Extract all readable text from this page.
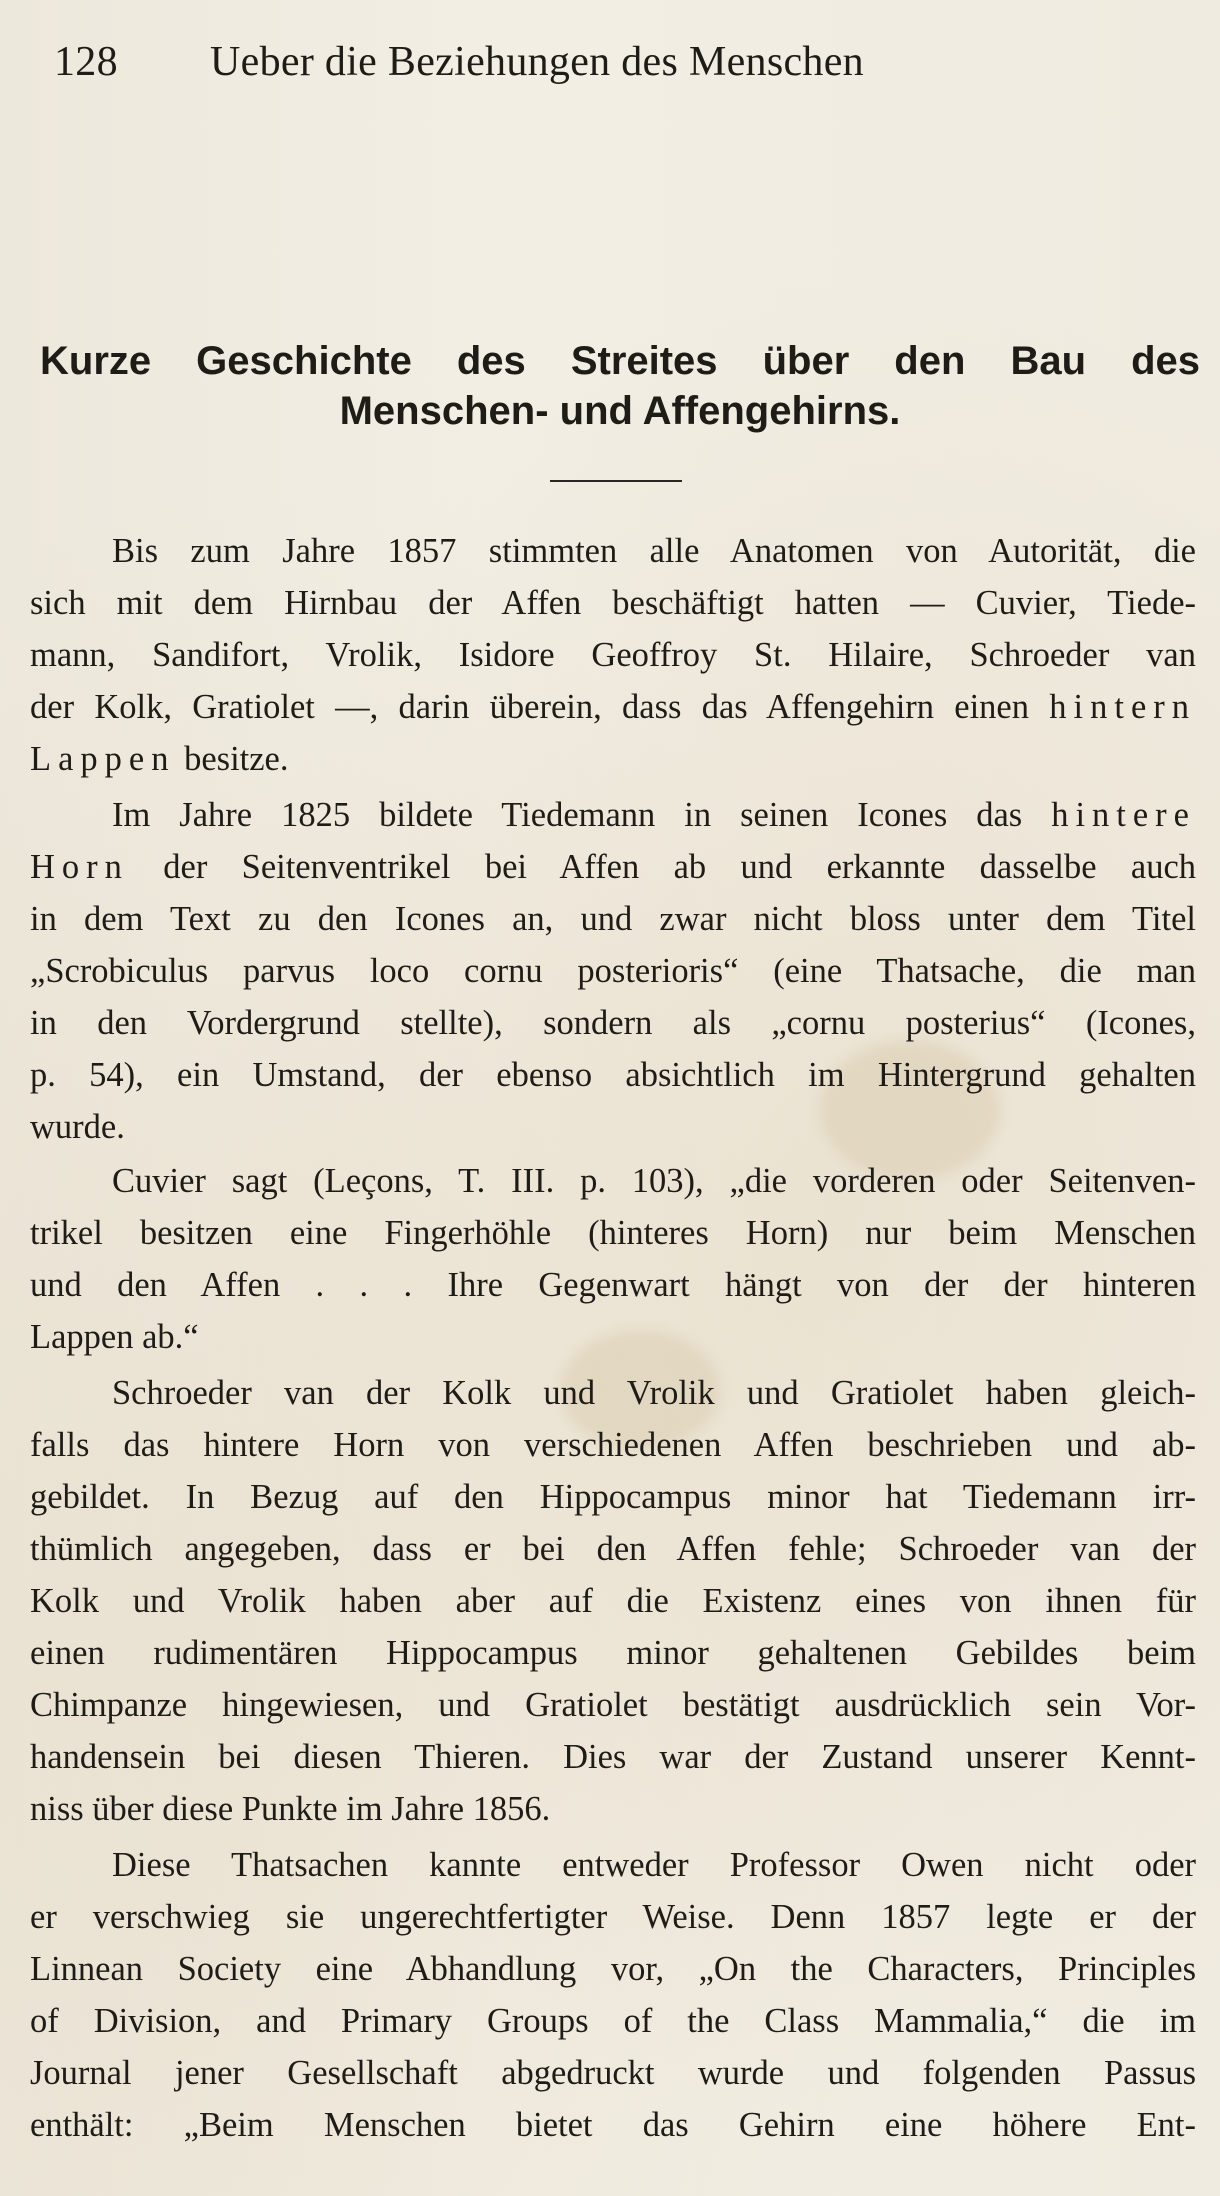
128 Ueber die Beziehungen des Menschen
Kurze Geschichte des Streites über den Bau des
Menschen- und Affengehirns.
Bis zum Jahre 1857 stimmten alle Anatomen von Autorität, die
sich mit dem Hirnbau der Affen beschäftigt hatten — Cuvier, Tiede-
mann, Sandifort, Vrolik, Isidore Geoffroy St. Hilaire, Schroeder van
der Kolk, Gratiolet —, darin überein, dass das Affengehirn einen hintern
Lappen besitze.
Im Jahre 1825 bildete Tiedemann in seinen Icones das hintere
Horn der Seitenventrikel bei Affen ab und erkannte dasselbe auch
in dem Text zu den Icones an, und zwar nicht bloss unter dem Titel
„Scrobiculus parvus loco cornu posterioris“ (eine Thatsache, die man
in den Vordergrund stellte), sondern als „cornu posterius“ (Icones,
p. 54), ein Umstand, der ebenso absichtlich im Hintergrund gehalten
wurde.
Cuvier sagt (Leçons, T. III. p. 103), „die vorderen oder Seitenven-
trikel besitzen eine Fingerhöhle (hinteres Horn) nur beim Menschen
und den Affen . . . Ihre Gegenwart hängt von der der hinteren
Lappen ab.“
Schroeder van der Kolk und Vrolik und Gratiolet haben gleich-
falls das hintere Horn von verschiedenen Affen beschrieben und ab-
gebildet. In Bezug auf den Hippocampus minor hat Tiedemann irr-
thümlich angegeben, dass er bei den Affen fehle; Schroeder van der
Kolk und Vrolik haben aber auf die Existenz eines von ihnen für
einen rudimentären Hippocampus minor gehaltenen Gebildes beim
Chimpanze hingewiesen, und Gratiolet bestätigt ausdrücklich sein Vor-
handensein bei diesen Thieren. Dies war der Zustand unserer Kennt-
niss über diese Punkte im Jahre 1856.
Diese Thatsachen kannte entweder Professor Owen nicht oder
er verschwieg sie ungerechtfertigter Weise. Denn 1857 legte er der
Linnean Society eine Abhandlung vor, „On the Characters, Principles
of Division, and Primary Groups of the Class Mammalia,“ die im
Journal jener Gesellschaft abgedruckt wurde und folgenden Passus
enthält: „Beim Menschen bietet das Gehirn eine höhere Ent-
